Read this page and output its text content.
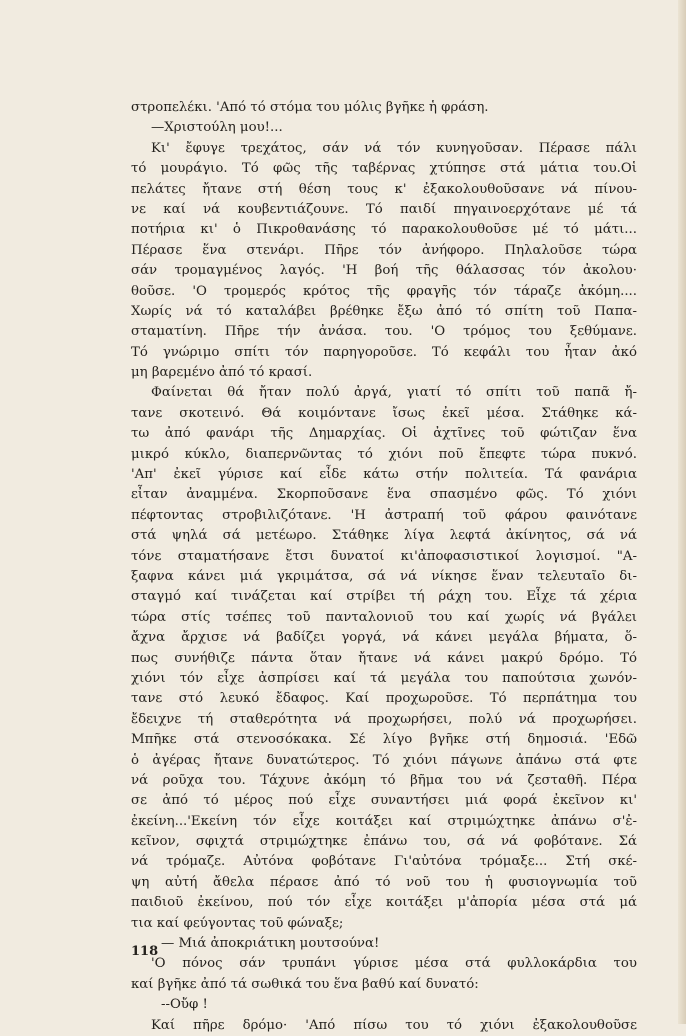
στροπελέκι. 'Από τό στόμα του μόλις βγῆκε ἡ φράση.
—Χριστούλη μου!...
Κι' ἔφυγε τρεχάτος, σάν νά τόν κυνηγοῦσαν. Πέρασε πάλι
τό μουράγιο. Τό φῶς τῆς ταβέρνας χτύπησε στά μάτια του.Οἱ
πελάτες ἤτανε στή θέση τους κ' ἐξακολουθοῦσανε νά πίνου-
νε καί νά κουβεντιάζουνε. Τό παιδί πηγαινοερχότανε μέ τά
ποτήρια κι' ὁ Πικροθανάσης τό παρακολουθοῦσε μέ τό μάτι...
Πέρασε ἕνα στενάρι. Πῆρε τόν ἀνήφορο. Πηλαλοῦσε τώρα
σάν τρομαγμένος λαγός. 'Η βοή τῆς θάλασσας τόν ἀκολου·
θοῦσε. 'Ο τρομερός κρότος τῆς φραγῆς τόν τάραζε ἀκόμη....
Χωρίς νά τό καταλάβει βρέθηκε ἔξω ἀπό τό σπίτη τοῦ Παπα-
σταματίνη. Πῆρε τήν ἀνάσα. του. 'Ο τρόμος του ξεθύμανε.
Τό γνώριμο σπίτι τόν παρηγοροῦσε. Τό κεφάλι του ἦταν ἀκό
μη βαρεμένο ἀπό τό κρασί.
Φαίνεται θά ἤταν πολύ ἀργά, γιατί τό σπίτι τοῦ παπᾶ ἤ-
τανε σκοτεινό. Θά κοιμόντανε ἴσως ἐκεῖ μέσα. Στάθηκε κά-
τω ἀπό φανάρι τῆς Δημαρχίας. Οἱ ἀχτῖνες τοῦ φώτιζαν ἕνα
μικρό κύκλο, διαπερνῶντας τό χιόνι ποῦ ἔπεφτε τώρα πυκνό.
'Απ' ἐκεῖ γύρισε καί εἶδε κάτω στήν πολιτεία. Τά φανάρια
εἶταν ἀναμμένα. Σκορποῦσανε ἕνα σπασμένο φῶς. Τό χιόνι
πέφτοντας στροβιλιζότανε. 'Η ἀστραπή τοῦ φάρου φαινότανε
στά ψηλά σά μετέωρο. Στάθηκε λίγα λεφτά ἀκίνητος, σά νά
τόνε σταματήσανε ἔτσι δυνατοί κι'ἀποφασιστικοί λογισμοί. "Α-
ξαφνα κάνει μιά γκριμάτσα, σά νά νίκησε ἕναν τελευταῖο δι-
σταγμό καί τινάζεται καί στρίβει τή ράχη του. Εἶχε τά χέρια
τώρα στίς τσέπες τοῦ πανταλονιοῦ του καί χωρίς νά βγάλει
ἄχνα ἄρχισε νά βαδίζει γοργά, νά κάνει μεγάλα βήματα, ὅ-
πως συνήθιζε πάντα ὅταν ἤτανε νά κάνει μακρύ δρόμο. Τό
χιόνι τόν εἶχε ἀσπρίσει καί τά μεγάλα του παπούτσια χωνόν-
τανε στό λευκό ἔδαφος. Καί προχωροῦσε. Τό περπάτημα του
ἔδειχνε τή σταθερότητα νά προχωρήσει, πολύ νά προχωρήσει.
Μπῆκε στά στενοσόκακα. Σέ λίγο βγῆκε στή δημοσιά. 'Εδῶ
ὁ ἀγέρας ἤτανε δυνατώτερος. Τό χιόνι πάγωνε ἀπάνω στά φτε
νά ροῦχα του. Τάχυνε ἀκόμη τό βῆμα του νά ζεσταθῆ. Πέρα
σε ἀπό τό μέρος πού εἶχε συναντήσει μιά φορά ἐκεῖνον κι'
ἐκείνη...'Εκείνη τόν εἶχε κοιτάξει καί στριμώχτηκε ἀπάνω σ'ἐ-
κεῖνον, σφιχτά στριμώχτηκε ἐπάνω του, σά νά φοβότανε. Σά
νά τρόμαζε. Αὐτόνα φοβότανε Γι'αὐτόνα τρόμαξε... Στή σκέ-
ψη αὐτή ἄθελα πέρασε ἀπό τό νοῦ του ἡ φυσιογνωμία τοῦ
παιδιοῦ ἐκείνου, πού τόν εἶχε κοιτάξει μ'ἀπορία μέσα στά μά
τια καί φεύγοντας τοῦ φώναξε;
— Μιά ἀποκριάτικη μουτσούνα!
'Ο πόνος σάν τρυπάνι γύρισε μέσα στά φυλλοκάρδια του
καί βγῆκε ἀπό τά σωθικά του ἕνα βαθύ καί δυνατό:
--Οὔφ !
Καί πῆρε δρόμο· 'Από πίσω του τό χιόνι ἐξακολουθοῦσε
118
